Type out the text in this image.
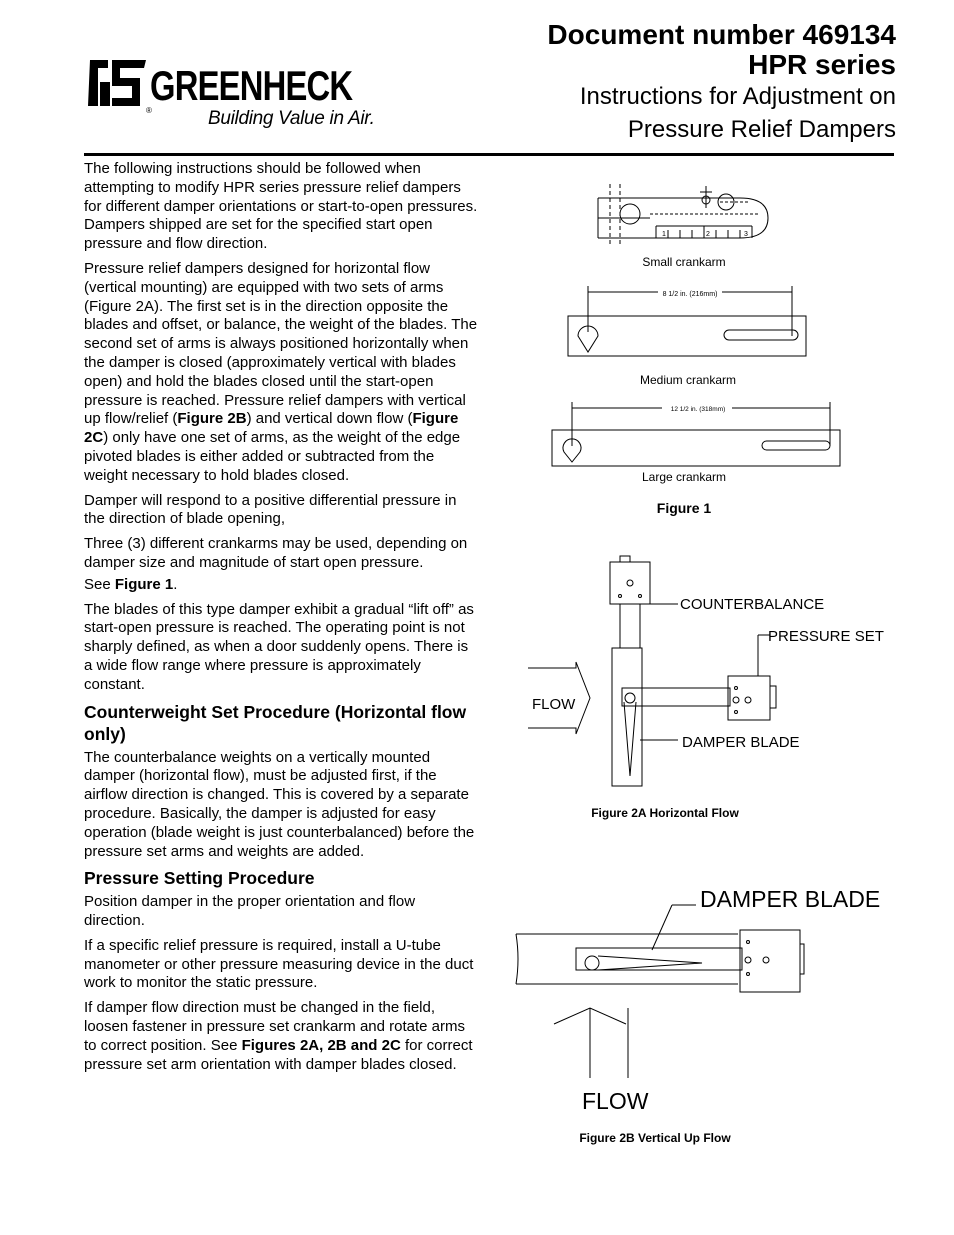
GREENHECK
®	Building Value in Air.
Document number 469134
HPR series
Instructions for Adjustment on
Pressure Relief Dampers

The following instructions should be followed when attempting to modify HPR series pressure relief dampers for different damper orientations or start-to-open pressures. Dampers shipped are set for the specified start open pressure and flow direction.

Pressure relief dampers designed for horizontal flow (vertical mounting) are equipped with two sets of arms (Figure 2A). The first set is in the direction opposite the blades and offset, or balance, the weight of the blades. The second set of arms is always positioned horizontally when the damper is closed (approximately vertical with blades open) and hold the blades closed until the start-open pressure is reached. Pressure relief dampers with vertical up flow/relief (Figure 2B) and vertical down flow (Figure 2C) only have one set of arms, as the weight of the edge pivoted blades is either added or subtracted from the weight necessary to hold blades closed.

Damper will respond to a positive differential pressure in the direction of blade opening,

Three (3) different crankarms may be used, depending on damper size and magnitude of start open pressure.

See Figure 1.

The blades of this type damper exhibit a gradual “lift off” as start-open pressure is reached. The operating point is not sharply defined, as when a door suddenly opens. There is a wide flow range where pressure is approximately constant.

Counterweight Set Procedure (Horizontal flow only)

The counterbalance weights on a vertically mounted damper (horizontal flow), must be adjusted first, if the airflow direction is changed. This is covered by a separate procedure. Basically, the damper is adjusted for easy operation (blade weight is just counterbalanced) before the pressure set arms and weights are added.

Pressure Setting Procedure

Position damper in the proper orientation and flow direction.

If a specific relief pressure is required, install a U-tube manometer or other pressure measuring device in the duct work to monitor the static pressure.

If damper flow direction must be changed in the field, loosen fastener in pressure set crankarm and rotate arms to correct position. See Figures 2A, 2B and 2C for correct pressure set arm orientation with damper blades closed.

1	2	3
Small crankarm
8 1/2 in. (216mm)
Medium crankarm
12 1/2 in. (318mm)
Large crankarm
Figure 1
COUNTERBALANCE
PRESSURE SET
FLOW
DAMPER BLADE
Figure 2A Horizontal Flow
DAMPER BLADE
FLOW
Figure 2B Vertical Up Flow
